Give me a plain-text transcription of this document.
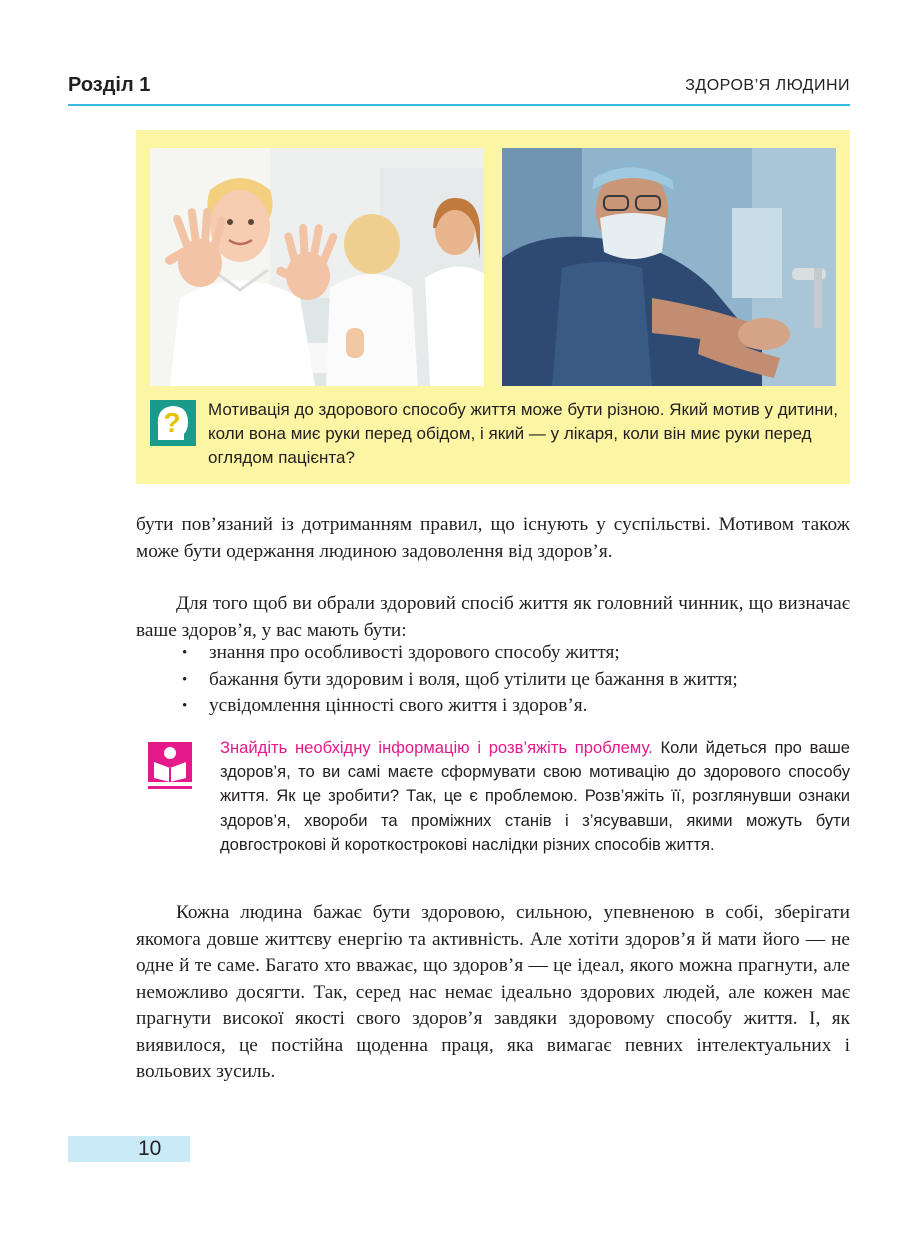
Розділ 1	ЗДОРОВ’Я ЛЮДИНИ
? Мотивація до здорового способу життя може бути різною. Який мотив у дитини, коли вона миє руки перед обідом, і який — у лікаря, коли він миє руки перед оглядом пацієнта?
бути пов’язаний із дотриманням правил, що існують у суспільстві. Мотивом також може бути одержання людиною задоволення від здоров’я.
Для того щоб ви обрали здоровий спосіб життя як головний чинник, що визначає ваше здоров’я, у вас мають бути:
• знання про особливості здорового способу життя;
• бажання бути здоровим і воля, щоб утілити це бажання в життя;
• усвідомлення цінності свого життя і здоров’я.
Знайдіть необхідну інформацію і розв’яжіть проблему. Коли йдеться про ваше здоров’я, то ви самі маєте сформувати свою мотивацію до здорового способу життя. Як це зробити? Так, це є проблемою. Розв’яжіть її, розглянувши ознаки здоров’я, хвороби та проміжних станів і з’ясувавши, якими можуть бути довгострокові й короткострокові наслідки різних способів життя.
Кожна людина бажає бути здоровою, сильною, упевненою в собі, зберігати якомога довше життєву енергію та активність. Але хотіти здоров’я й мати його — не одне й те саме. Багато хто вважає, що здоров’я — це ідеал, якого можна прагнути, але неможливо досягти. Так, серед нас немає ідеально здорових людей, але кожен має прагнути високої якості свого здоров’я завдяки здоровому способу життя. І, як виявилося, це постійна щоденна праця, яка вимагає певних інтелектуальних і вольових зусиль.
10
